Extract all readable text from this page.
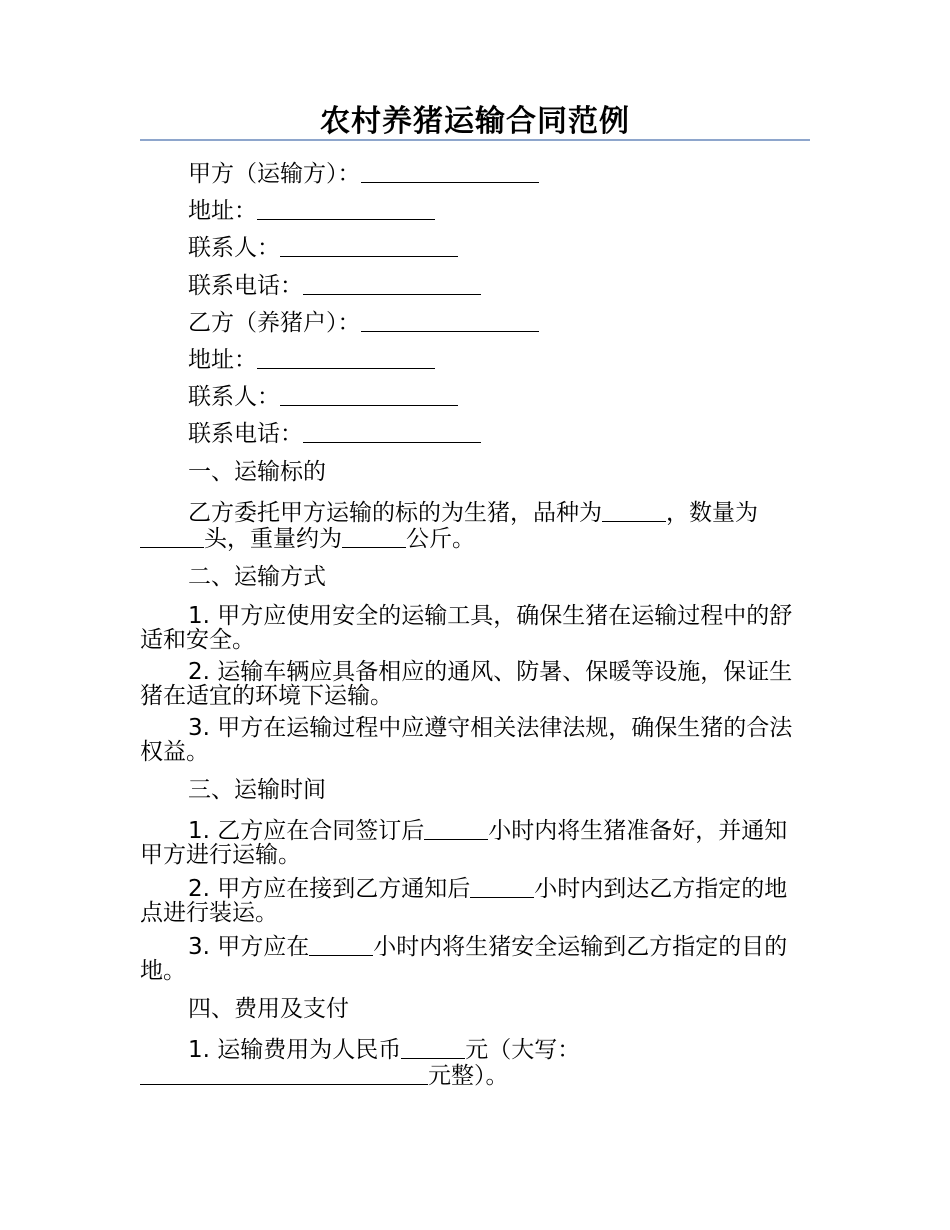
农村养猪运输合同范例
甲方（运输方）：
地址：
联系人：
联系电话：
乙方（养猪户）：
地址：
联系人：
联系电话：
一、运输标的
乙方委托甲方运输的标的为生猪，品种为	，数量为头，重量约为	公斤。
二、运输方式
1. 甲方应使用安全的运输工具，确保生猪在运输过程中的舒适和安全。
2. 运输车辆应具备相应的通风、防暑、保暖等设施，保证生猪在适宜的环境下运输。
3. 甲方在运输过程中应遵守相关法律法规，确保生猪的合法权益。
三、运输时间
1. 乙方应在合同签订后	小时内将生猪准备好，并通知甲方进行运输。
2. 甲方应在接到乙方通知后	小时内到达乙方指定的地点进行装运。
3. 甲方应在	小时内将生猪安全运输到乙方指定的目的地。
四、费用及支付
1. 运输费用为人民币	元（大写：元整）。
